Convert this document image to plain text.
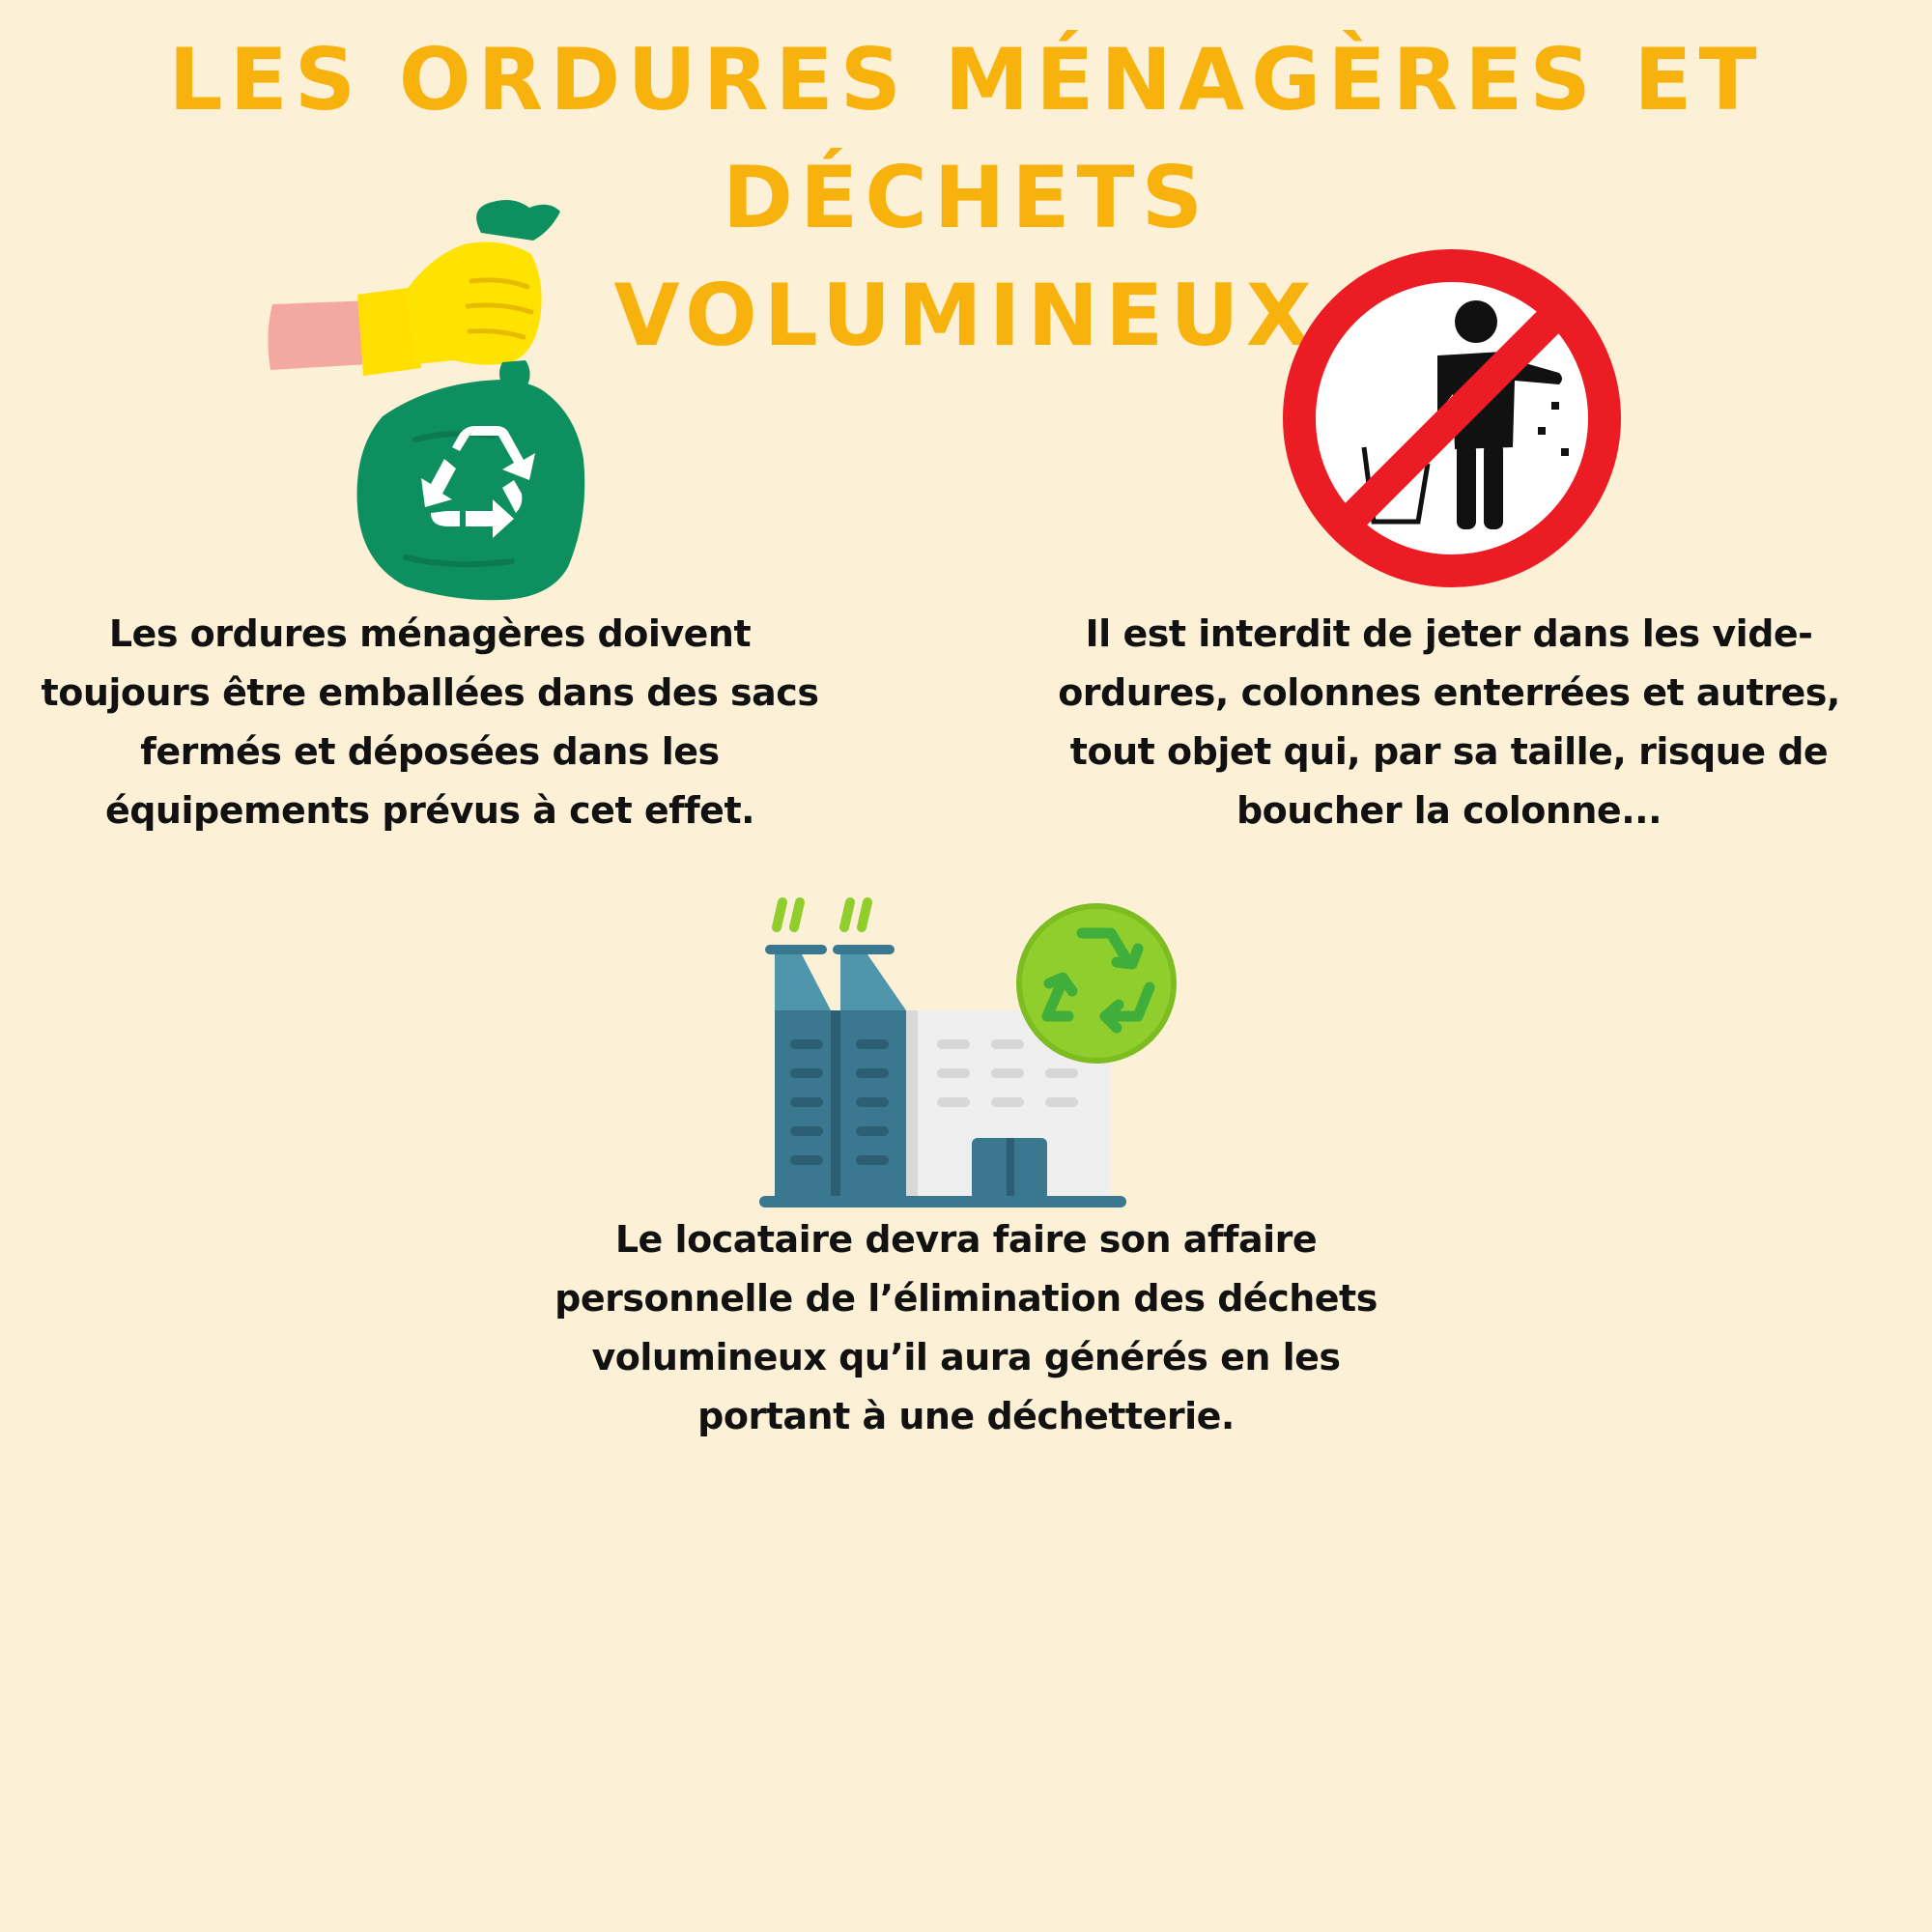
LES ORDURES MÉNAGÈRES ET DÉCHETS
VOLUMINEUX

Les ordures ménagères doivent
toujours être emballées dans des sacs
fermés et déposées dans les
équipements prévus à cet effet.

Il est interdit de jeter dans les vide-
ordures, colonnes enterrées et autres,
tout objet qui, par sa taille, risque de
boucher la colonne...

Le locataire devra faire son affaire
personnelle de l’élimination des déchets
volumineux qu’il aura générés en les
portant à une déchetterie.
